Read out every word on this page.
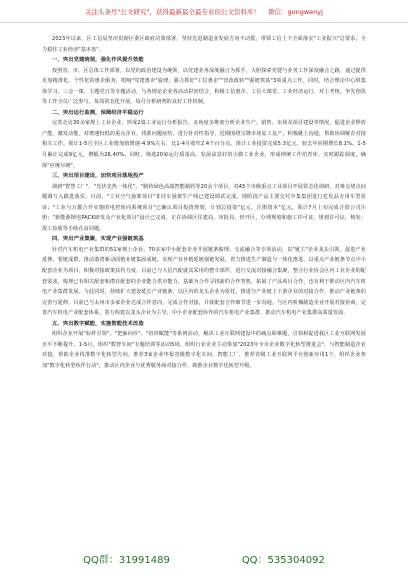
关注头条号"公文研究"，获得最新最全最专业的公文资料库！ 微信：gongwenyj

2023年以来，区工信局坚决贯彻区委区政府决策部署，坚持先进制造业发展方向不动摇，带领工信上下全面落实"工业振兴"总要求，全力稳住工业经济"基本盘"。

一、突出党建统领，强化作风提升效能

按照省、市、区总体工作部署，以党的政治建设为统领，以党建业务深度融合为抓手，大胆探索党建与业务工作深度融合之路，通过提供更加精准化、个性化的惠企服务，唱响"党建惠企"旋律，强力抓好"工信惠企""营改政转""强链筑基"3项重点工作。同时，结合理论中心组集体学习、三会一课、主题党日等专题活动，与各理论企业各活动彩密结合，积极工信惠企、工信大课堂、工业经济运行、对上考核，争先创优等工作全员广泛参与，每周常态化开展，每月分析研判的良好工作机制。

二、突出运行监测，保障经济平稳运行

完善走访30余家规上工业企业，形成2篇工业运行分析报告、多角度多维度分析企业生产、销售、市场及项目建设等情况，促进企业释放产能，激发动能。对增速较低的重点企业，找准问题症结，进行针对性指导，近期围绕宝隆市场复工复产，积极跳上沟通，帮助协调解企对接相关工作。预计1-5月全区工业增加值增速-4.9%左右，比1-4月收窄2.4个百分点。预计工业投资完成5.3亿元，较去年同期增长8.1%。1-5月累计完成9亿元，增幅为26.40%。同时，筛选20家运行质量高、发展前景好的小微工业企业，形成纳统工作培育库，实时跟踪调度，确保"应统尽统"。

三、突出项目建设，加快项目落地投产

调研"智慧工厂"、"光伏光热一体化"、"制药绿色高端智能制药等20余个项目，对45个市级重点工业项目开展常态化调研，对难点堵点问题调与入跟进落实。目前，"工业空气悬架项目"非挂车悬架生产线已建设调试完成，现阶段产品主要交付中集集团进行危化品专用车型验证；"工业与万都合作实施的电控转向系统项目"已确认项目投资规划，计划总投资"亿元，注册资本"亿元，预计7月上旬完成合资公司注册；"新能源锂电PACK研发及产业化项目"设计已完成，正在协调区住建局、审批局，经开区，办理规划和施工许可证。规划许可证，核发；竣工验收等手续在由同题。

四、突出产业集聚，实现产业强链筑基

针对汽车机电产业集群的51家规上企业、70多家中小配套企业开展链条梳理、交流融合等专项活动，以"链主"企业龙头引领，促进产业延伸，要链成群，推动港湾新动固链业链集固成链。实现产业补链延链强链发展。着力推进生产制造与一体化推进，以重点产业链条节点中小配套企业为项目，积极对接政策扶持力度，目前已与大信汽配就其采用的整车部件，进行交流对接融合集聚，整合行业协会区内工业企业的配套需求，梳理已有相关配套和潜在配套的企业能力供应能力，基础为合作寻找新的合作契机，拓展了产品项目合作，也有利于推动区内汽车机电产业集群发展。与此同时，持续扩大建设延长产业链条，以区内的龙头企业为依托，推进与产业链上下游企业的对接合作，推动产业链条的完善与延伸。目前已与太州市多家企业达成合作意向，完成合作对接，并就配套合作细节进一步沟通。与区内机械制造企业开展对接协商，完善汽车机电产业配套体系。着力构建以龙头企业为主导、中小企业配套协作的汽车机电产业集群，推动汽车机电产业集群高质量发展。

五、突出数字赋能，实施智能技术改造

组织企业开展"标杆引领"、"把脉问诊"、"培训赋能"等系列活动，解决工业互联网建设中的痛点和难题，引领和促进我区工业互联网发展水平不断提升。1-5月，组织"数智车间"专题培训等活动5场，组织行业企业主动参加"2023年全市企业数字化转型推进会"，与智能制造企业对接，帮助企业找准数字化转型方向。推荐3家企业申报省级数字化车间、智能工厂，推荐省级工业互联网平台创新应用1个，组织企业参加"数字化转型伙伴行动"，推动区内企业与优秀服务商对接合作，助推企业数字化转型升级。

QQ群：31991489	QQ：535304092
